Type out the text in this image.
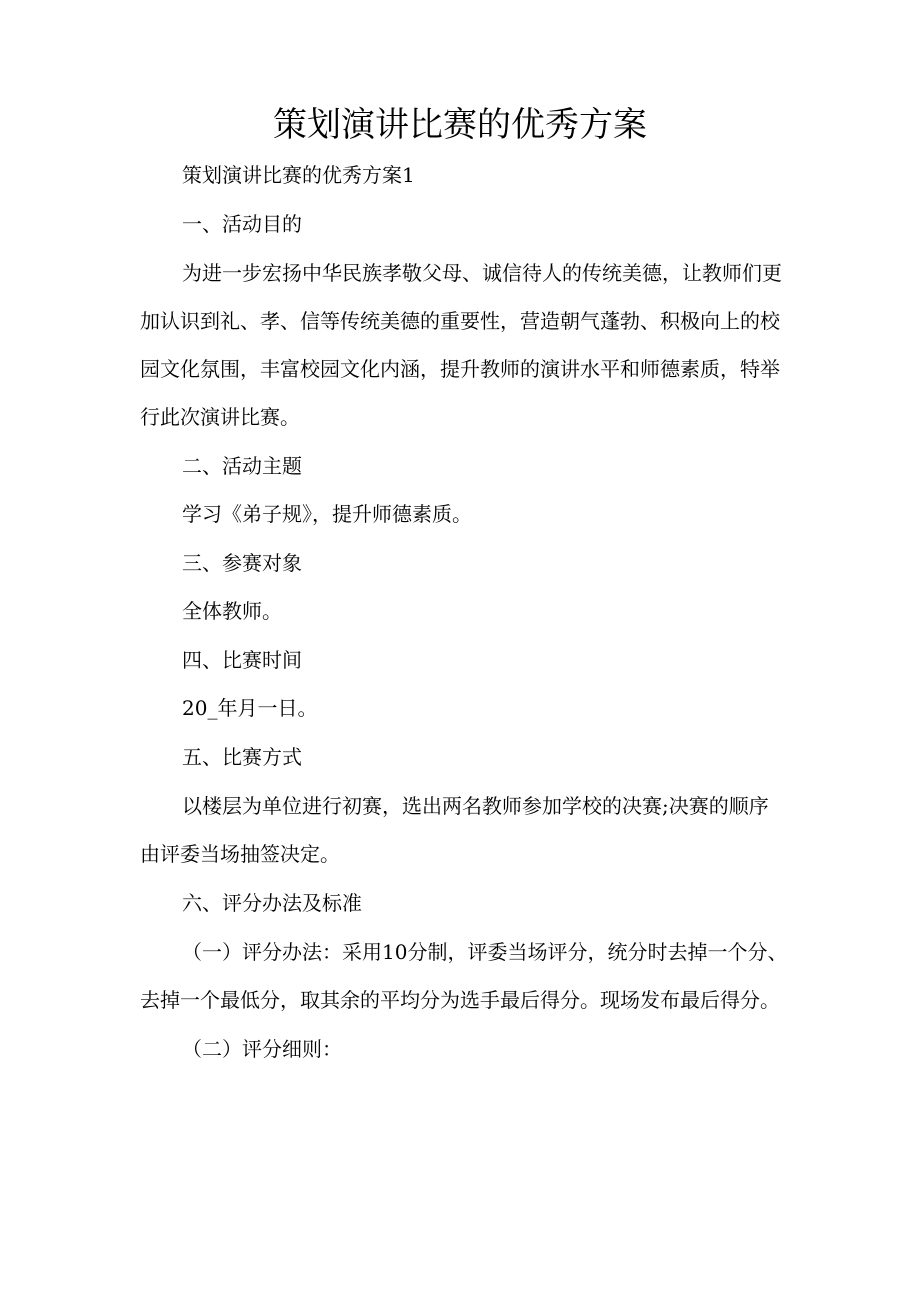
策划演讲比赛的优秀方案

策划演讲比赛的优秀方案1

一、活动目的

为进一步宏扬中华民族孝敬父母、诚信待人的传统美德，让教师们更

加认识到礼、孝、信等传统美德的重要性，营造朝气蓬勃、积极向上的校

园文化氛围，丰富校园文化内涵，提升教师的演讲水平和师德素质，特举

行此次演讲比赛。

二、活动主题

学习《弟子规》，提升师德素质。

三、参赛对象

全体教师。

四、比赛时间

20_年月一日。

五、比赛方式

以楼层为单位进行初赛，选出两名教师参加学校的决赛;决赛的顺序

由评委当场抽签决定。

六、评分办法及标准

（一）评分办法：采用10分制，评委当场评分，统分时去掉一个分、

去掉一个最低分，取其余的平均分为选手最后得分。现场发布最后得分。

（二）评分细则：
